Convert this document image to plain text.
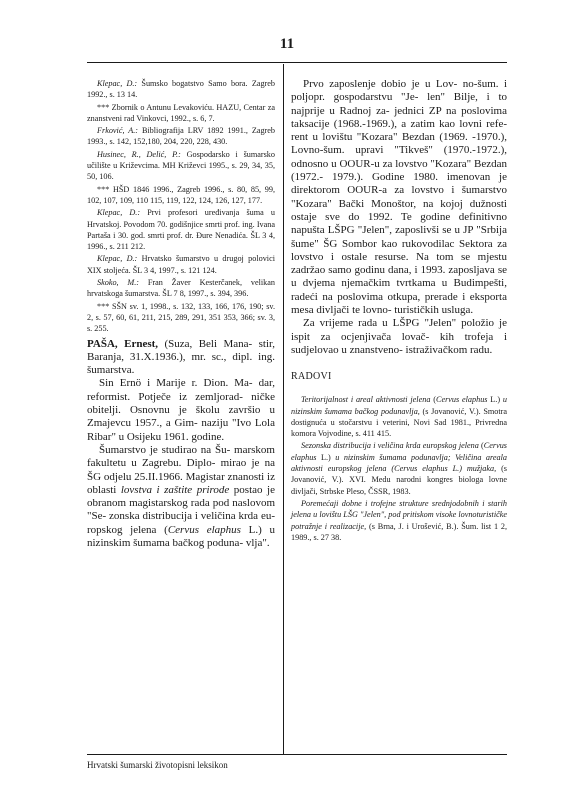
11

Klepac, D.: Šumsko bogatstvo Samo bora. Zagreb 1992., s. 13 14.

*** Zbornik o Antunu Levakoviću. HAZU, Centar za znanstveni rad Vinkovci, 1992., s. 6, 7.

Frković, A.: Bibliografija LRV 1892 1991., Zagreb 1993., s. 142, 152,180, 204, 220, 228, 430.

Husinec, R., Delić, P.: Gospodarsko i šumarsko učilište u Križevcima. MH Križevci 1995., s. 29, 34, 35, 50, 106.

*** HŠD 1846 1996., Zagreb 1996., s. 80, 85, 99, 102, 107, 109, 110 115, 119, 122, 124, 126, 127, 177.

Klepac, D.: Prvi profesori uređivanja šuma u Hrvatskoj. Povodom 70. godišnjice smrti prof. ing. Ivana Partaša i 30. god. smrti prof. dr. Đure Nenadića. ŠL 3 4, 1996., s. 211 212.

Klepac, D.: Hrvatsko šumarstvo u drugoj polovici XIX stoljeća. ŠL 3 4, 1997., s. 121 124.

Skoko, M.: Fran Žaver Kesterčanek, velikan hrvatskoga šumarstva. ŠL 7 8, 1997., s. 394, 396.

*** SŠN sv. 1, 1998., s. 132, 133, 166, 176, 190; sv. 2, s. 57, 60, 61, 211, 215, 289, 291, 351 353, 366; sv. 3, s. 255.

PAŠA, Ernest, (Suza, Beli Mana- stir, Baranja, 31.X.1936.), mr. sc., dipl. ing. šumarstva.

Sin Ernö i Marije r. Dion. Ma- dar, reformist. Potječe iz zemljorad- ničke obitelji. Osnovnu je školu završio u Zmajevcu 1957., a Gim- naziju "Ivo Lola Ribar" u Osijeku 1961. godine.

Šumarstvo je studirao na Šu- marskom fakultetu u Zagrebu. Diplo- mirao je na ŠG odjelu 25.II.1966. Magistar znanosti iz oblasti lovstva i zaštite prirode postao je obranom magistarskog rada pod naslovom "Se- zonska distribucija i veličina krda eu- ropskog jelena (Cervus elaphus L.) u nizinskim šumama bačkog poduna- vlja".

Prvo zaposlenje dobio je u Lov- no-šum. i poljopr. gospodarstvu "Je- len" Bilje, i to najprije u Radnoj za- jednici ZP na poslovima taksacije (1968.-1969.), a zatim kao lovni refe- rent u lovištu "Kozara" Bezdan (1969. -1970.), Lovno-šum. upravi "Tikveš" (1970.-1972.), odnosno u OOUR-u za lovstvo "Kozara" Bezdan (1972.- 1979.). Godine 1980. imenovan je direktorom OOUR-a za lovstvo i šumarstvo "Kozara" Bački Monoštor, na kojoj dužnosti ostaje sve do 1992. Te godine definitivno napušta LŠPG "Jelen", zaposlivši se u JP "Srbija šume" ŠG Sombor kao rukovodilac Sektora za lovstvo i ostale resurse. Na tom se mjestu zadržao samo godinu dana, i 1993. zaposljava se u dvjema njemačkim tvrtkama u Budimpešti, radeći na poslovima otkupa, prerade i eksporta mesa divljači te lovno- turističkih usluga.

Za vrijeme rada u LŠPG "Jelen" položio je ispit za ocjenjivača lovač- kih trofeja i sudjelovao u znanstveno- istraživačkom radu.

RADOVI

Teritorijalnost i areal aktivnosti jelena (Cervus elaphus L.) u nizinskim šumama bačkog podunavlja, (s Jovanović, V.). Smotra dostignuća u stočarstvu i veterini, Novi Sad 1981., Privredna komora Vojvodine, s. 411 415.

Sezonska distribucija i veličina krda europskog jelena (Cervus elaphus L.) u nizinskim šumama podunavlja; Veličina areala aktivnosti europskog jelena (Cervus elaphus L.) mužjaka, (s Jovanović, V.). XVI. Medu narodni kongres biologa lovne divljači, Strbske Pleso, ČSSR, 1983.

Poremećaji dobne i trofejne strukture srednjodobnih i starih jelena u lovištu LŠG "Jelen", pod pritiskom visoke lovnoturističke potražnje i realizacije, (s Brna, J. i Urošević, B.). Šum. list 1 2, 1989., s. 27 38.

Hrvatski šumarski životopisni leksikon
